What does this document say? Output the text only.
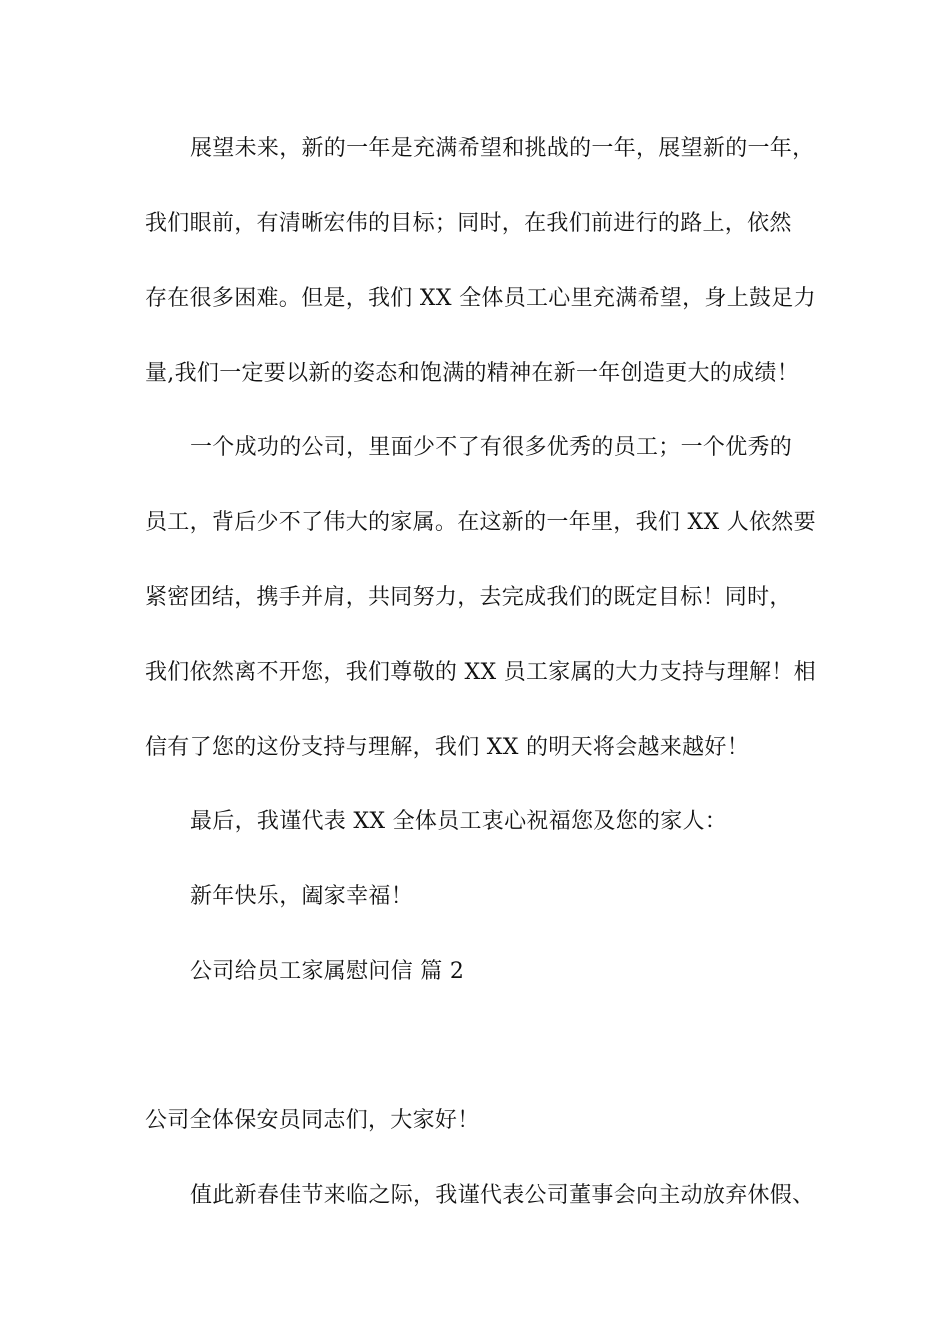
展望未来，新的一年是充满希望和挑战的一年，展望新的一年，
我们眼前，有清晰宏伟的目标；同时，在我们前进行的路上，依然
存在很多困难。但是，我们 XX 全体员工心里充满希望，身上鼓足力
量,我们一定要以新的姿态和饱满的精神在新一年创造更大的成绩！
一个成功的公司，里面少不了有很多优秀的员工；一个优秀的
员工，背后少不了伟大的家属。在这新的一年里，我们 XX 人依然要
紧密团结，携手并肩，共同努力，去完成我们的既定目标！同时，
我们依然离不开您，我们尊敬的 XX 员工家属的大力支持与理解！相
信有了您的这份支持与理解，我们 XX 的明天将会越来越好！
最后，我谨代表 XX 全体员工衷心祝福您及您的家人：
新年快乐，阖家幸福！
公司给员工家属慰问信 篇 2
公司全体保安员同志们，大家好！
值此新春佳节来临之际，我谨代表公司董事会向主动放弃休假、
